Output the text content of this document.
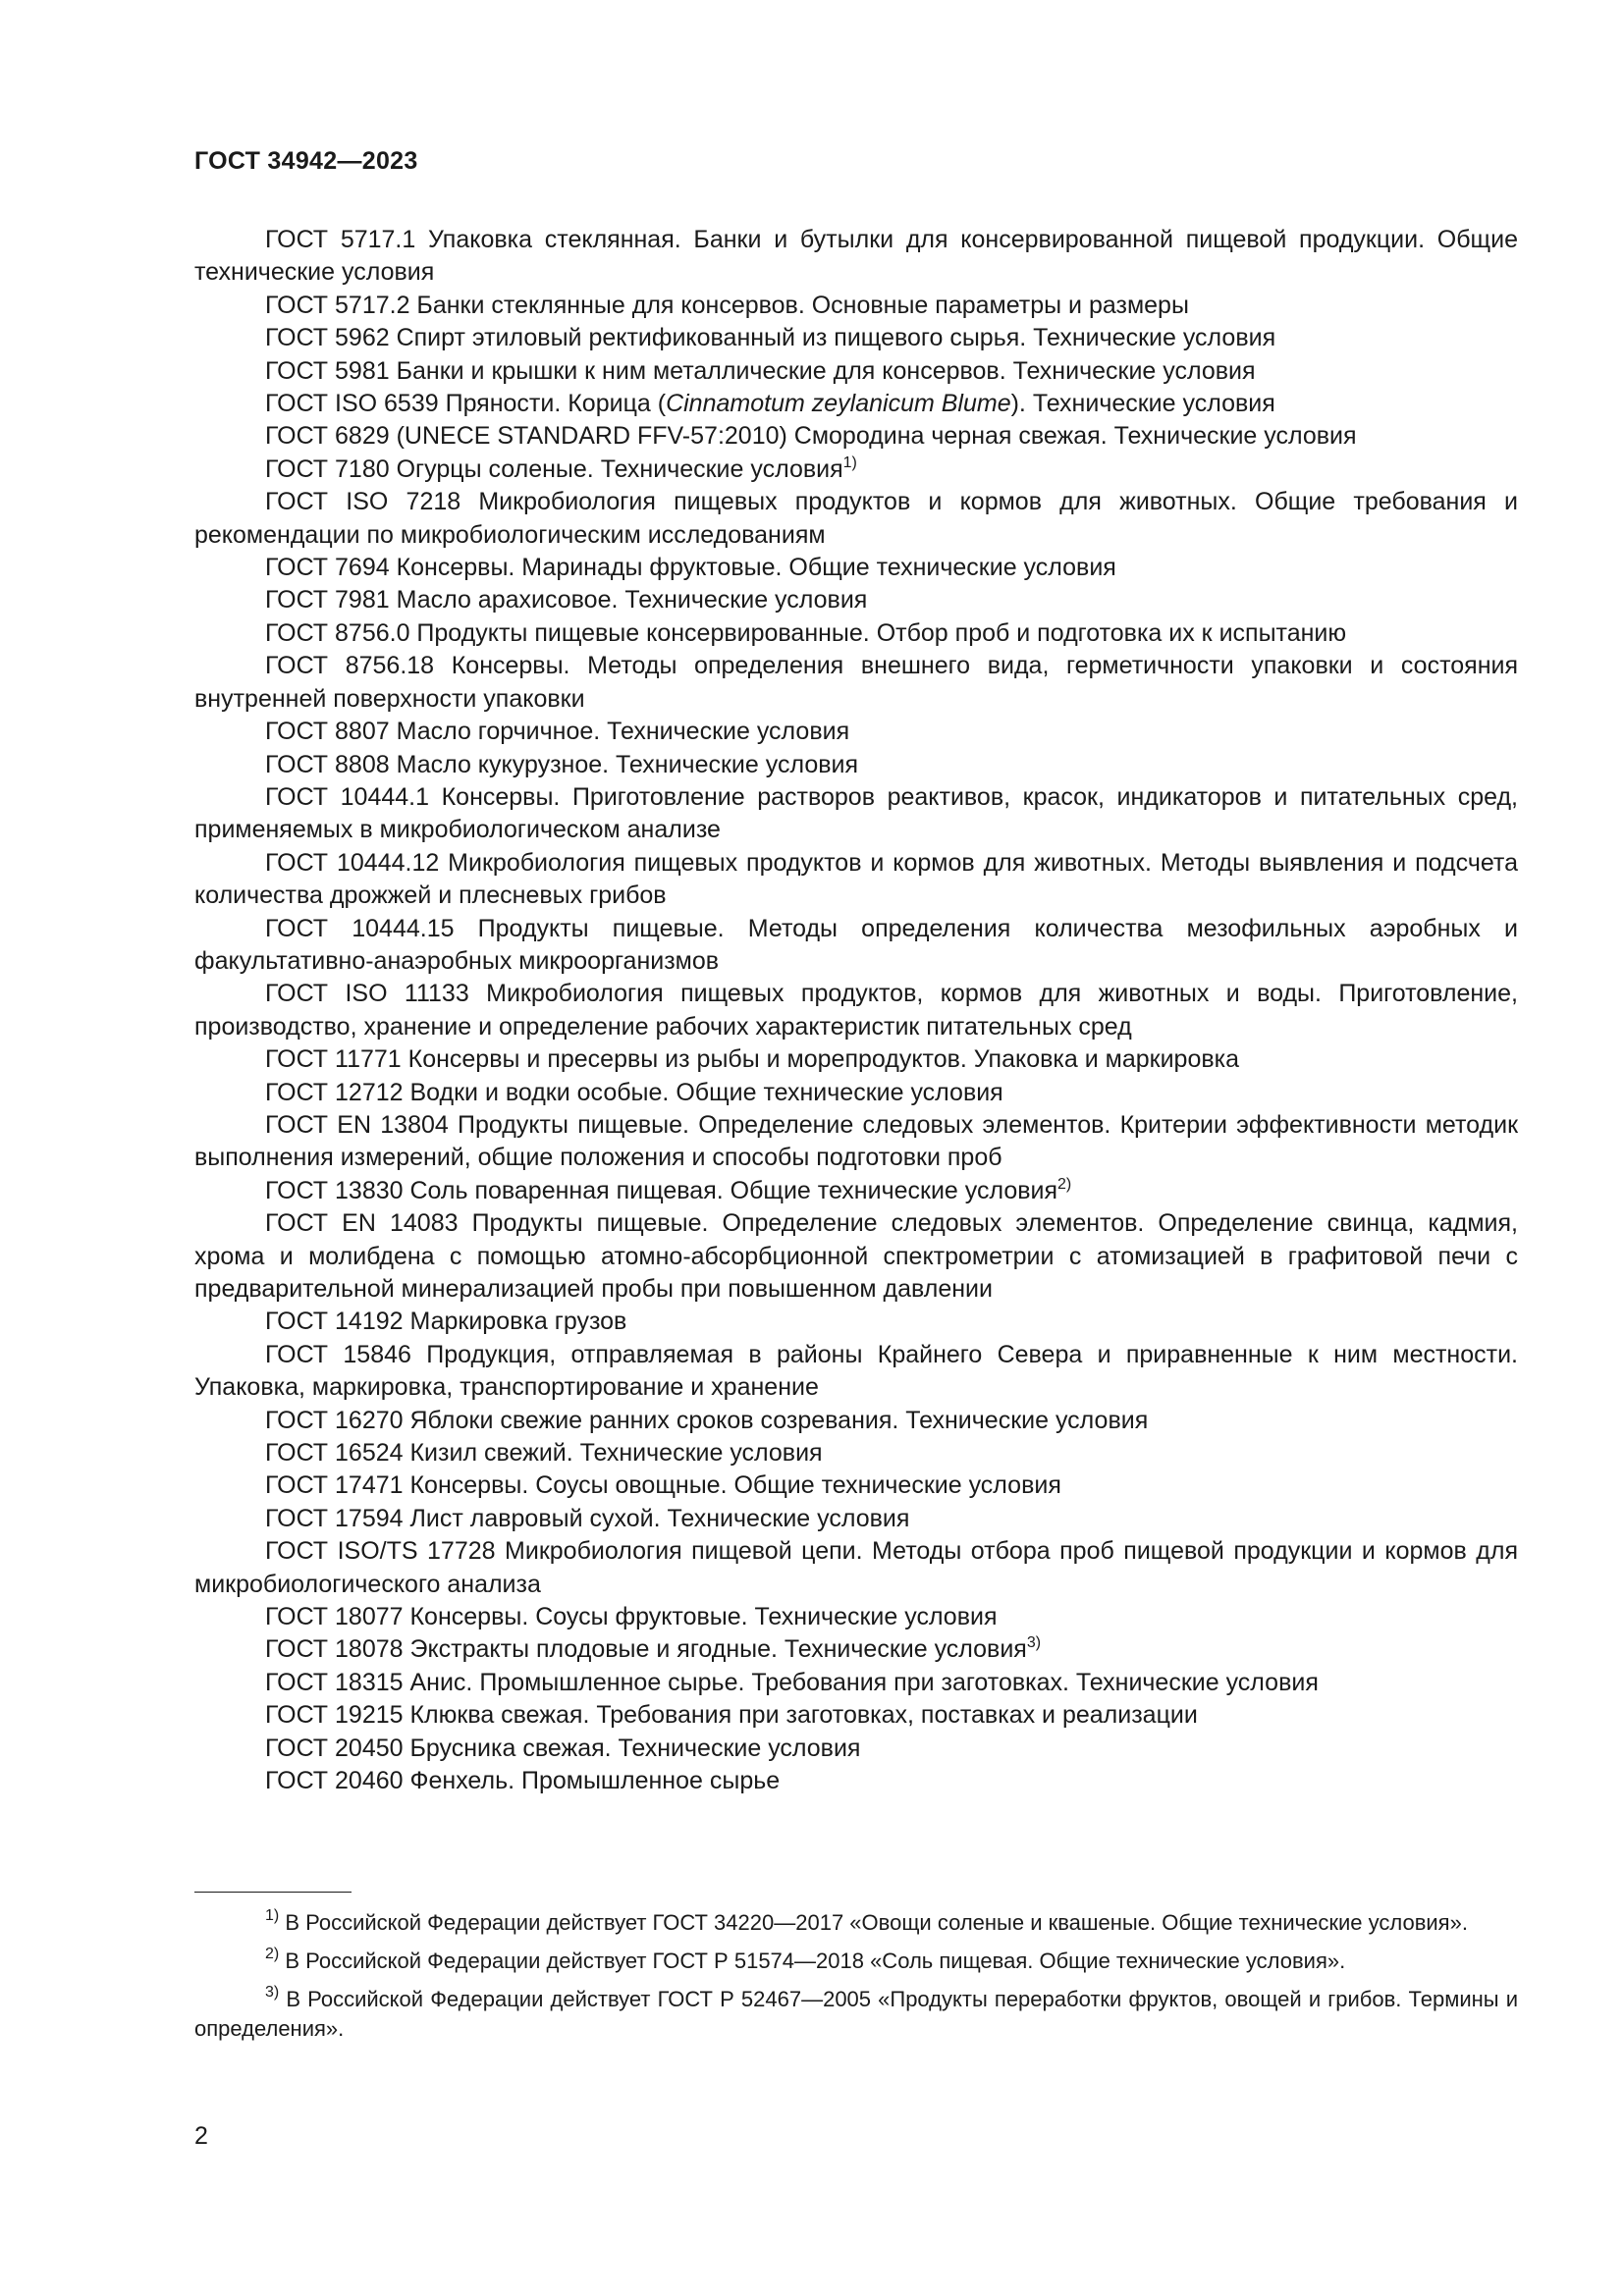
ГОСТ 34942—2023

ГОСТ 5717.1 Упаковка стеклянная. Банки и бутылки для консервированной пищевой продукции. Общие технические условия

ГОСТ 5717.2 Банки стеклянные для консервов. Основные параметры и размеры

ГОСТ 5962 Спирт этиловый ректификованный из пищевого сырья. Технические условия

ГОСТ 5981 Банки и крышки к ним металлические для консервов. Технические условия

ГОСТ ISO 6539 Пряности. Корица (Cinnamotum zeylanicum Blume). Технические условия

ГОСТ 6829 (UNECE STANDARD FFV-57:2010) Смородина черная свежая. Технические условия

ГОСТ 7180 Огурцы соленые. Технические условия$^{1)}$

ГОСТ ISO 7218 Микробиология пищевых продуктов и кормов для животных. Общие требования и рекомендации по микробиологическим исследованиям

ГОСТ 7694 Консервы. Маринады фруктовые. Общие технические условия

ГОСТ 7981 Масло арахисовое. Технические условия

ГОСТ 8756.0 Продукты пищевые консервированные. Отбор проб и подготовка их к испытанию

ГОСТ 8756.18 Консервы. Методы определения внешнего вида, герметичности упаковки и состояния внутренней поверхности упаковки

ГОСТ 8807 Масло горчичное. Технические условия

ГОСТ 8808 Масло кукурузное. Технические условия

ГОСТ 10444.1 Консервы. Приготовление растворов реактивов, красок, индикаторов и питательных сред, применяемых в микробиологическом анализе

ГОСТ 10444.12 Микробиология пищевых продуктов и кормов для животных. Методы выявления и подсчета количества дрожжей и плесневых грибов

ГОСТ 10444.15 Продукты пищевые. Методы определения количества мезофильных аэробных и факультативно-анаэробных микроорганизмов

ГОСТ ISO 11133 Микробиология пищевых продуктов, кормов для животных и воды. Приготовление, производство, хранение и определение рабочих характеристик питательных сред

ГОСТ 11771 Консервы и пресервы из рыбы и морепродуктов. Упаковка и маркировка

ГОСТ 12712 Водки и водки особые. Общие технические условия

ГОСТ EN 13804 Продукты пищевые. Определение следовых элементов. Критерии эффективности методик выполнения измерений, общие положения и способы подготовки проб

ГОСТ 13830 Соль поваренная пищевая. Общие технические условия$^{2)}$

ГОСТ EN 14083 Продукты пищевые. Определение следовых элементов. Определение свинца, кадмия, хрома и молибдена с помощью атомно-абсорбционной спектрометрии с атомизацией в графитовой печи с предварительной минерализацией пробы при повышенном давлении

ГОСТ 14192 Маркировка грузов

ГОСТ 15846 Продукция, отправляемая в районы Крайнего Севера и приравненные к ним местности. Упаковка, маркировка, транспортирование и хранение

ГОСТ 16270 Яблоки свежие ранних сроков созревания. Технические условия

ГОСТ 16524 Кизил свежий. Технические условия

ГОСТ 17471 Консервы. Соусы овощные. Общие технические условия

ГОСТ 17594 Лист лавровый сухой. Технические условия

ГОСТ ISO/TS 17728 Микробиология пищевой цепи. Методы отбора проб пищевой продукции и кормов для микробиологического анализа

ГОСТ 18077 Консервы. Соусы фруктовые. Технические условия

ГОСТ 18078 Экстракты плодовые и ягодные. Технические условия$^{3)}$

ГОСТ 18315 Анис. Промышленное сырье. Требования при заготовках. Технические условия

ГОСТ 19215 Клюква свежая. Требования при заготовках, поставках и реализации

ГОСТ 20450 Брусника свежая. Технические условия

ГОСТ 20460 Фенхель. Промышленное сырье

$^{1)}$ В Российской Федерации действует ГОСТ 34220—2017 «Овощи соленые и квашеные. Общие технические условия».

$^{2)}$ В Российской Федерации действует ГОСТ Р 51574—2018 «Соль пищевая. Общие технические условия».

$^{3)}$ В Российской Федерации действует ГОСТ Р 52467—2005 «Продукты переработки фруктов, овощей и грибов. Термины и определения».

2
